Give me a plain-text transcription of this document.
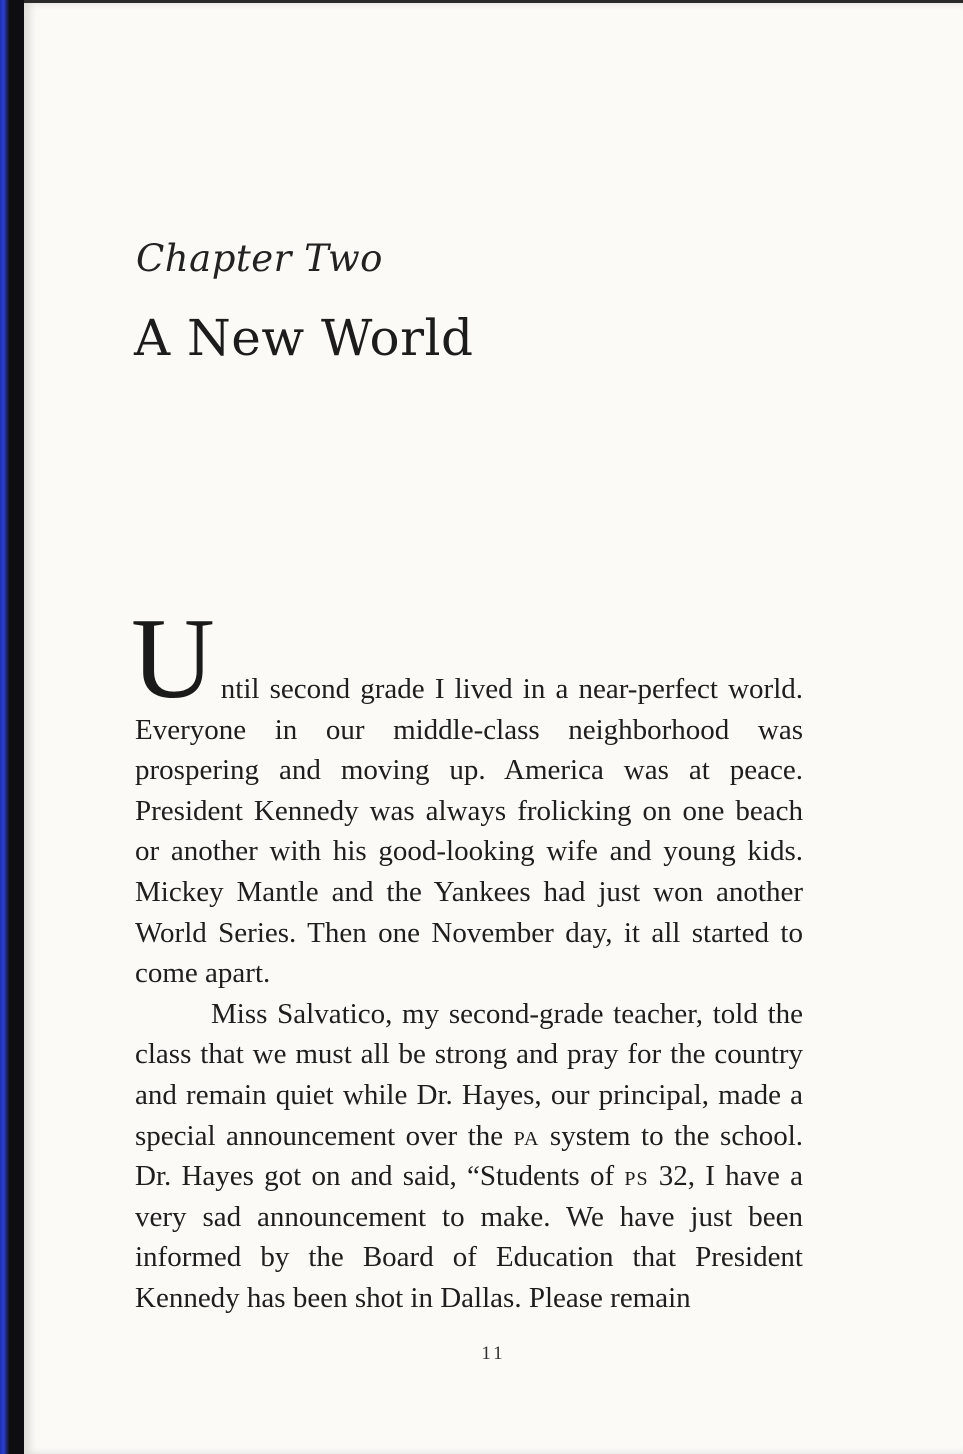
Chapter Two
A New World

Until second grade I lived in a near-perfect world. Everyone in our middle-class neighborhood was prospering and moving up. America was at peace. President Kennedy was always frolicking on one beach or another with his good-looking wife and young kids. Mickey Mantle and the Yankees had just won another World Series. Then one November day, it all started to come apart.

Miss Salvatico, my second-grade teacher, told the class that we must all be strong and pray for the country and remain quiet while Dr. Hayes, our principal, made a special announcement over the pa system to the school. Dr. Hayes got on and said, “Students of ps 32, I have a very sad announcement to make. We have just been informed by the Board of Education that President Kennedy has been shot in Dallas. Please remain

11
